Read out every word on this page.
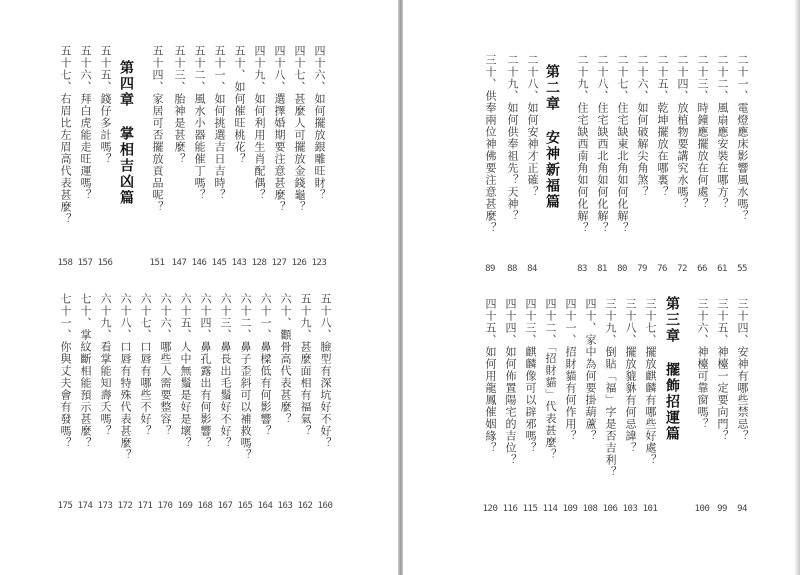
五十七、右眉比左眉高代表甚麼？
158
五十六、拜白虎能走旺運嗎？
157
五十五、錢仔多計嗎？
156
第四章 掌相吉凶篇 五十四、家居可否擺放貢品呢？
151
五十三、胎神是甚麼？
147
五十二、風水小器能催丁嗎？
146
五十一、如何挑選吉日吉時？
145
五十、如何催旺桃花？
143
四十九、如何利用生肖配偶？
128
四十八、選擇婚期要注意甚麼？
127
四十七、甚麼人可擺放金錢龜？
126
四十六、如何擺放銀雕旺財？
123
七十一、你與丈夫會有發嗎？
175
七十、掌紋斷相能預示甚麼？
174
六十九、看掌能知壽夭嗎？
173
六十八、口唇有特殊代表甚麼？
172
六十七、口唇有哪些不好？
171
六十六、哪些人需要整容？
170
六十五、人中無鬚是好是壞？
169
六十四、鼻孔露出有何影響？
168
六十三、鼻長出毛鬚好不好？
167
六十二、鼻子歪斜可以補救嗎？
165
六十一、鼻樑低有何影響？
164
六十、顴骨高代表甚麼？
163
五十九、甚麼面相有福氣？
162
五十八、臉型有深坑好不好？
160
三十、供奉兩位神佛要注意甚麼？
89
二十九、如何供奉祖先？天神？
88
二十八、如何安神才正確？
84
第二章 安神新福篇 二十九、住宅缺西南角如何化解？
83
二十八、住宅缺西北角如何化解？
81
二十七、住宅缺東北角如何化解？
80
二十六、如何破解尖角煞？
79
二十五、乾坤擺放在哪裏？
76
二十四、放植物要講究水嗎？
72
二十三、時鐘應擺放在何處？
66
二十二、風扇應安裝在哪方？
61
二十一、電燈應床影響風水嗎？
55
四十五、如何用龍鳳催姻緣？
120
四十四、如何佈置陽宅的吉位？
116
四十三、麒麟像可以辟邪嗎？
115
四十二、「招財貓」代表甚麼？
114
四十一、招財貓有何作用？
109
四十、家中為何要掛葫蘆？
108
三十九、倒貼「福」字是否吉利？
106
三十八、擺放貔貅有何忌諱？
103
三十七、擺放麒麟有哪些好處？
101
第三章 擺飾招運篇 三十六、神檯可靠窗嗎？
100
三十五、神檯一定要向門？
99
三十四、安神有哪些禁忌？
94
